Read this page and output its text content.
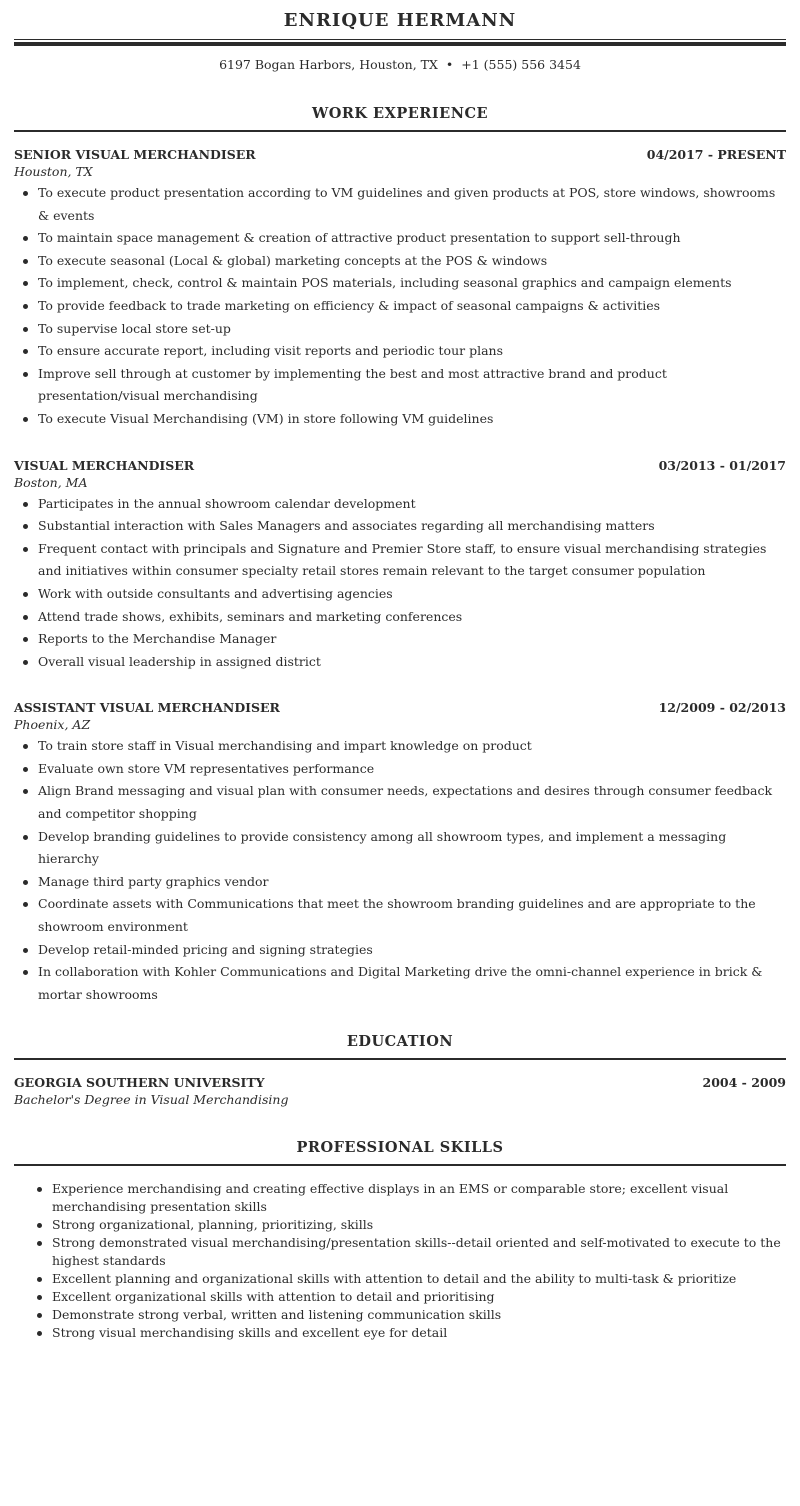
ENRIQUE HERMANN
6197 Bogan Harbors, Houston, TX • +1 (555) 556 3454
WORK EXPERIENCE
SENIOR VISUAL MERCHANDISER	04/2017 - PRESENT
Houston, TX
To execute product presentation according to VM guidelines and given products at POS, store windows, showrooms & events
To maintain space management & creation of attractive product presentation to support sell-through
To execute seasonal (Local & global) marketing concepts at the POS & windows
To implement, check, control & maintain POS materials, including seasonal graphics and campaign elements
To provide feedback to trade marketing on efficiency & impact of seasonal campaigns & activities
To supervise local store set-up
To ensure accurate report, including visit reports and periodic tour plans
Improve sell through at customer by implementing the best and most attractive brand and product presentation/visual merchandising
To execute Visual Merchandising (VM) in store following VM guidelines
VISUAL MERCHANDISER	03/2013 - 01/2017
Boston, MA
Participates in the annual showroom calendar development
Substantial interaction with Sales Managers and associates regarding all merchandising matters
Frequent contact with principals and Signature and Premier Store staff, to ensure visual merchandising strategies and initiatives within consumer specialty retail stores remain relevant to the target consumer population
Work with outside consultants and advertising agencies
Attend trade shows, exhibits, seminars and marketing conferences
Reports to the Merchandise Manager
Overall visual leadership in assigned district
ASSISTANT VISUAL MERCHANDISER	12/2009 - 02/2013
Phoenix, AZ
To train store staff in Visual merchandising and impart knowledge on product
Evaluate own store VM representatives performance
Align Brand messaging and visual plan with consumer needs, expectations and desires through consumer feedback and competitor shopping
Develop branding guidelines to provide consistency among all showroom types, and implement a messaging hierarchy
Manage third party graphics vendor
Coordinate assets with Communications that meet the showroom branding guidelines and are appropriate to the showroom environment
Develop retail-minded pricing and signing strategies
In collaboration with Kohler Communications and Digital Marketing drive the omni-channel experience in brick & mortar showrooms
EDUCATION
GEORGIA SOUTHERN UNIVERSITY	2004 - 2009
Bachelor's Degree in Visual Merchandising
PROFESSIONAL SKILLS
Experience merchandising and creating effective displays in an EMS or comparable store; excellent visual merchandising presentation skills
Strong organizational, planning, prioritizing, skills
Strong demonstrated visual merchandising/presentation skills--detail oriented and self-motivated to execute to the highest standards
Excellent planning and organizational skills with attention to detail and the ability to multi-task & prioritize
Excellent organizational skills with attention to detail and prioritising
Demonstrate strong verbal, written and listening communication skills
Strong visual merchandising skills and excellent eye for detail
